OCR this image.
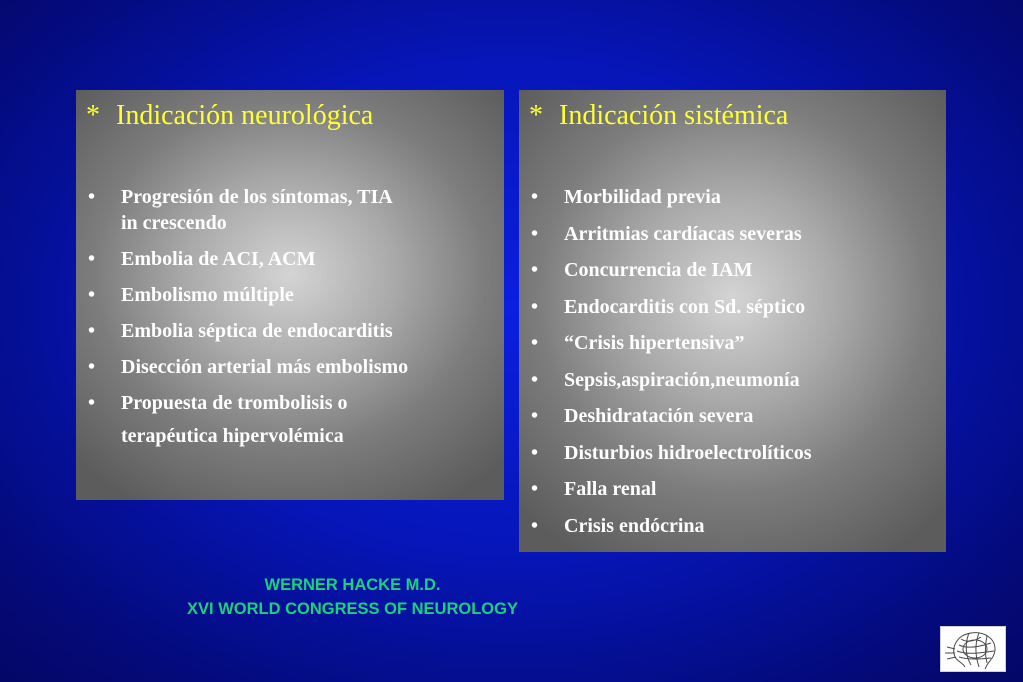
* Indicación neurológica
• Progresión de los síntomas, TIA
in crescendo
• Embolia de ACI, ACM
• Embolismo múltiple
• Embolia séptica de endocarditis
• Disección arterial más embolismo
• Propuesta de trombolisis o
terapéutica hipervolémica
* Indicación sistémica
• Morbilidad previa
• Arritmias cardíacas severas
• Concurrencia de IAM
• Endocarditis con Sd. séptico
• “Crisis hipertensiva”
• Sepsis,aspiración,neumonía
• Deshidratación severa
• Disturbios hidroelectrolíticos
• Falla renal
• Crisis endócrina
WERNER HACKE M.D.
XVI WORLD CONGRESS OF NEUROLOGY
